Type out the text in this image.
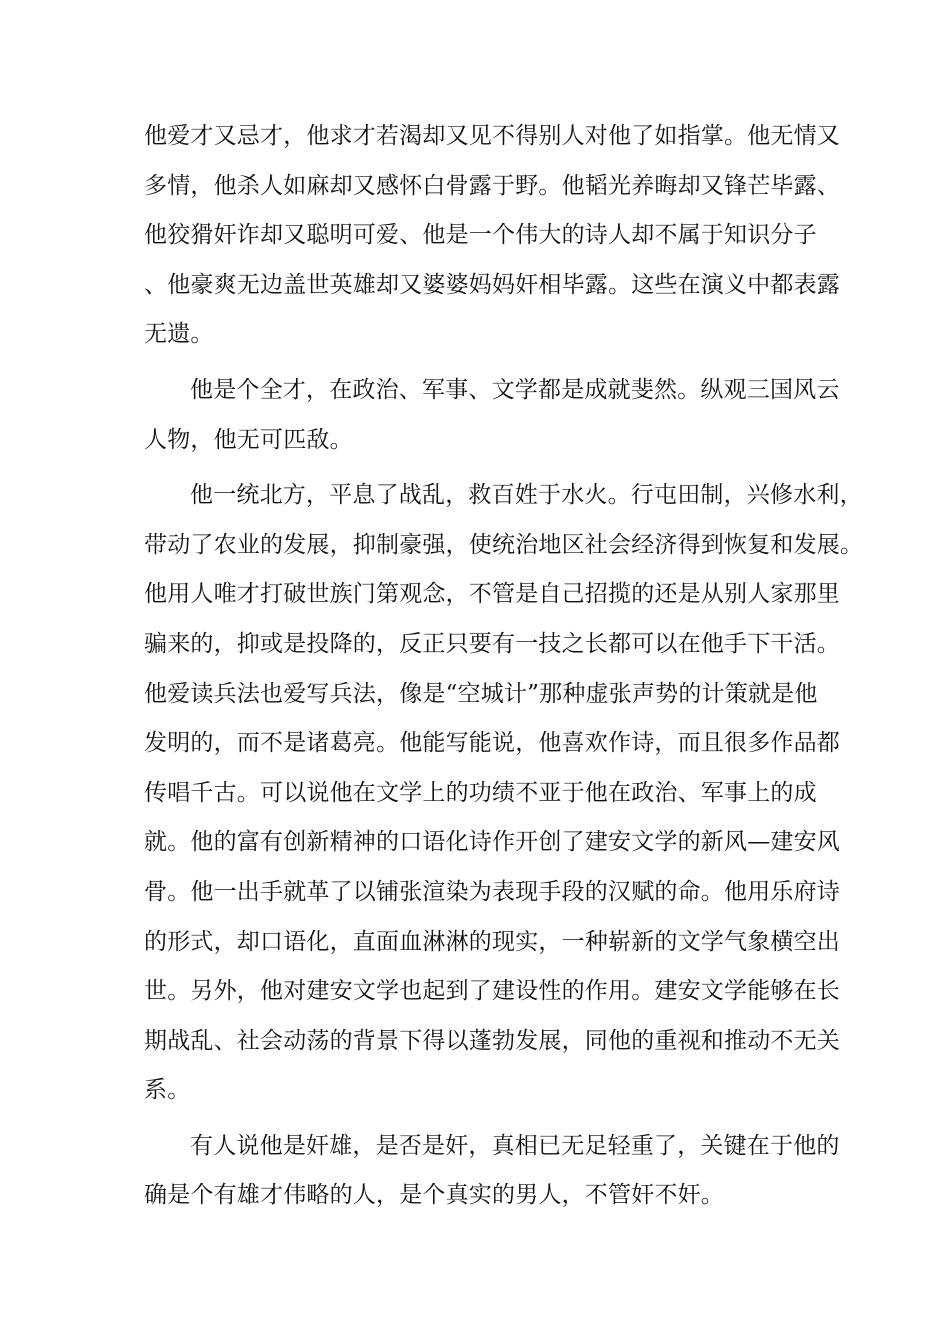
他爱才又忌才，他求才若渴却又见不得别人对他了如指掌。他无情又
多情，他杀人如麻却又感怀白骨露于野。他韬光养晦却又锋芒毕露、
他狡猾奸诈却又聪明可爱、他是一个伟大的诗人却不属于知识分子
、他豪爽无边盖世英雄却又婆婆妈妈奸相毕露。这些在演义中都表露
无遗。

他是个全才，在政治、军事、文学都是成就斐然。纵观三国风云
人物，他无可匹敌。

他一统北方，平息了战乱，救百姓于水火。行屯田制，兴修水利，
带动了农业的发展，抑制豪强，使统治地区社会经济得到恢复和发展。
他用人唯才打破世族门第观念，不管是自己招揽的还是从别人家那里
骗来的，抑或是投降的，反正只要有一技之长都可以在他手下干活。
他爱读兵法也爱写兵法，像是“空城计”那种虚张声势的计策就是他
发明的，而不是诸葛亮。他能写能说，他喜欢作诗，而且很多作品都
传唱千古。可以说他在文学上的功绩不亚于他在政治、军事上的成
就。他的富有创新精神的口语化诗作开创了建安文学的新风—建安风
骨。他一出手就革了以铺张渲染为表现手段的汉赋的命。他用乐府诗
的形式，却口语化，直面血淋淋的现实，一种崭新的文学气象横空出
世。另外，他对建安文学也起到了建设性的作用。建安文学能够在长
期战乱、社会动荡的背景下得以蓬勃发展，同他的重视和推动不无关
系。

有人说他是奸雄，是否是奸，真相已无足轻重了，关键在于他的
确是个有雄才伟略的人，是个真实的男人，不管奸不奸。
